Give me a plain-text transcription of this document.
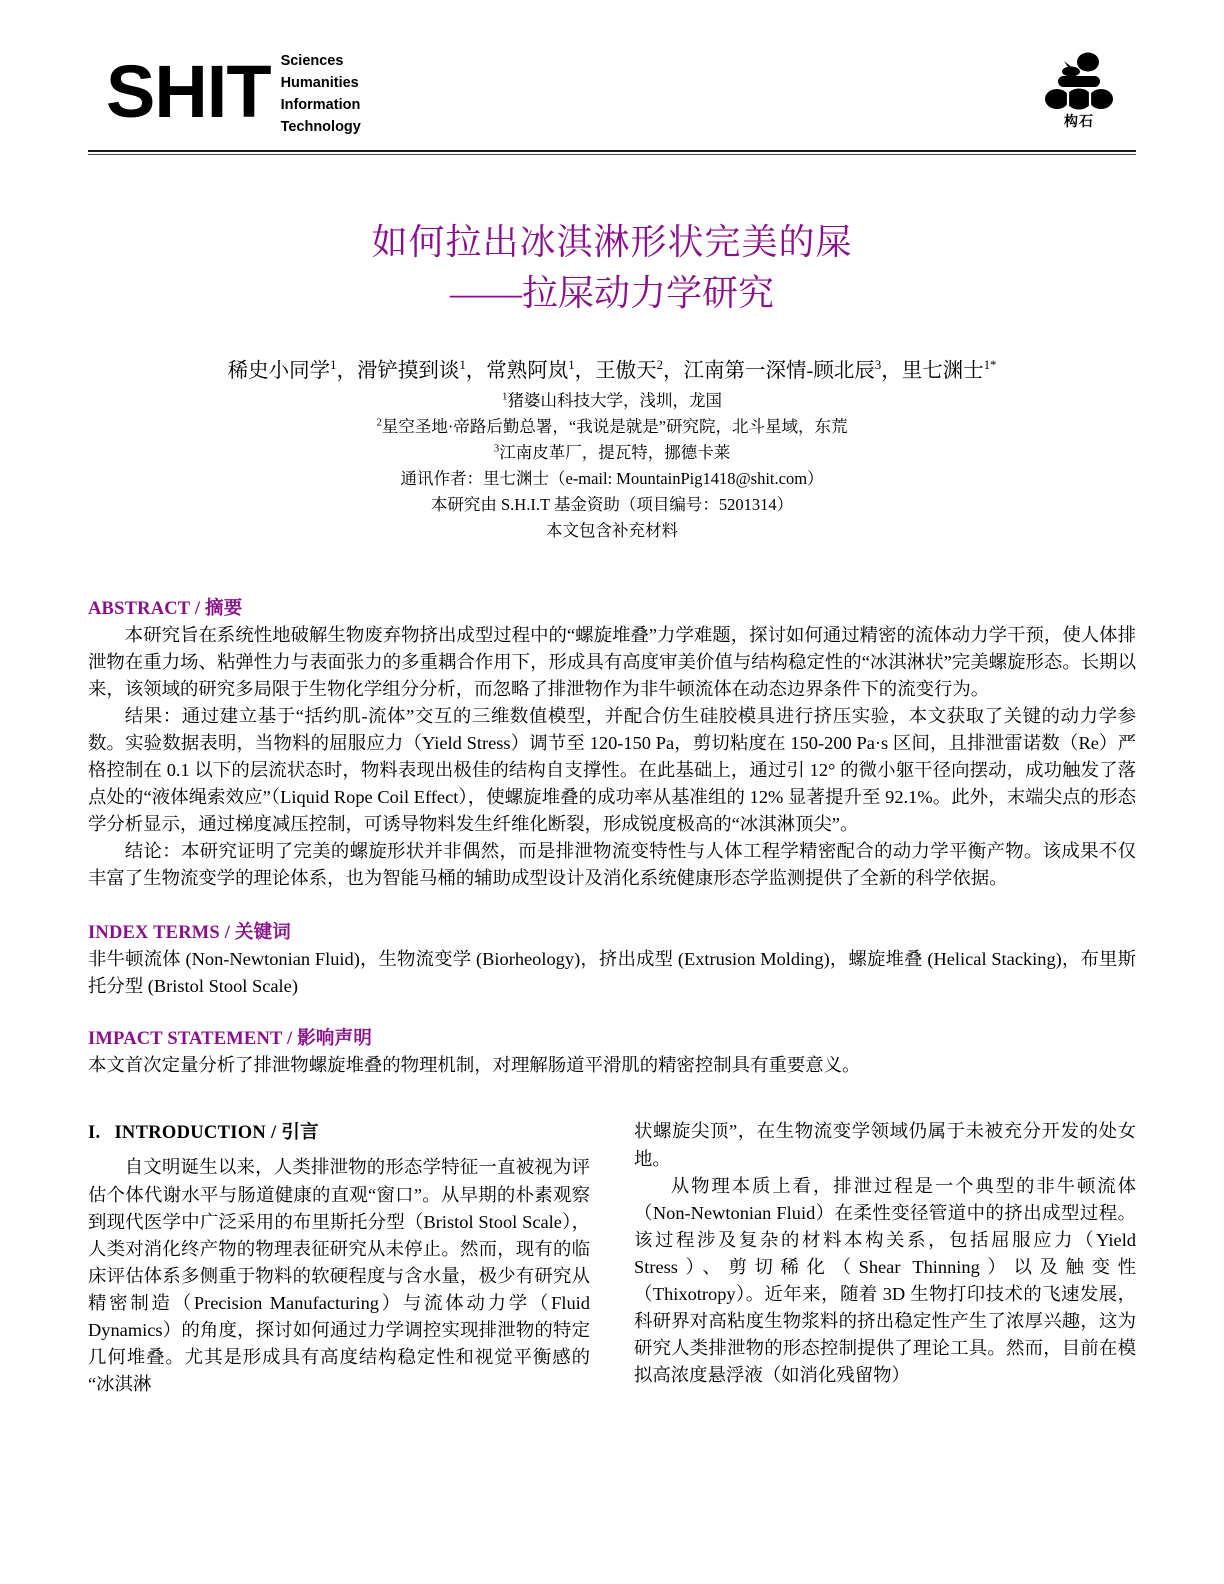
SHIT Sciences
Humanities
Information
Technology	构石
如何拉出冰淇淋形状完美的屎
——拉屎动力学研究
稀史小同学$^1$，滑铲摸到谈$^1$，常熟阿岚$^1$，王傲天$^2$，江南第一深情-顾北辰$^3$，里七渊士$^{1*}$
$^1$猪婆山科技大学，浅圳，龙国
$^2$星空圣地·帝路后勤总署，“我说是就是”研究院，北斗星域，东荒
$^3$江南皮革厂，提瓦特，挪德卡莱
通讯作者：里七渊士（e-mail: MountainPig1418@shit.com）
本研究由 S.H.I.T 基金资助（项目编号：5201314）
本文包含补充材料
ABSTRACT / 摘要

本研究旨在系统性地破解生物废弃物挤出成型过程中的“螺旋堆叠”力学难题，探讨如何通过精密的流体动力学干预，使人体排泄物在重力场、粘弹性力与表面张力的多重耦合作用下，形成具有高度审美价值与结构稳定性的“冰淇淋状”完美螺旋形态。长期以来，该领域的研究多局限于生物化学组分分析，而忽略了排泄物作为非牛顿流体在动态边界条件下的流变行为。

结果：通过建立基于“括约肌-流体”交互的三维数值模型，并配合仿生硅胶模具进行挤压实验，本文获取了关键的动力学参数。实验数据表明，当物料的屈服应力（Yield Stress）调节至 120-150 Pa，剪切粘度在 150-200 Pa·s 区间，且排泄雷诺数（Re）严格控制在 0.1 以下的层流状态时，物料表现出极佳的结构自支撑性。在此基础上，通过引 12° 的微小躯干径向摆动，成功触发了落点处的“液体绳索效应”（Liquid Rope Coil Effect），使螺旋堆叠的成功率从基准组的 12% 显著提升至 92.1%。此外，末端尖点的形态学分析显示，通过梯度减压控制，可诱导物料发生纤维化断裂，形成锐度极高的“冰淇淋顶尖”。

结论：本研究证明了完美的螺旋形状并非偶然，而是排泄物流变特性与人体工程学精密配合的动力学平衡产物。该成果不仅丰富了生物流变学的理论体系，也为智能马桶的辅助成型设计及消化系统健康形态学监测提供了全新的科学依据。

INDEX TERMS / 关键词

非牛顿流体 (Non-Newtonian Fluid)，生物流变学 (Biorheology)，挤出成型 (Extrusion Molding)，螺旋堆叠 (Helical Stacking)，布里斯托分型 (Bristol Stool Scale)

IMPACT STATEMENT / 影响声明

本文首次定量分析了排泄物螺旋堆叠的物理机制，对理解肠道平滑肌的精密控制具有重要意义。

I. INTRODUCTION / 引言

自文明诞生以来，人类排泄物的形态学特征一直被视为评估个体代谢水平与肠道健康的直观“窗口”。从早期的朴素观察到现代医学中广泛采用的布里斯托分型（Bristol Stool Scale），人类对消化终产物的物理表征研究从未停止。然而，现有的临床评估体系多侧重于物料的软硬程度与含水量，极少有研究从精密制造（Precision Manufacturing）与流体动力学（Fluid Dynamics）的角度，探讨如何通过力学调控实现排泄物的特定几何堆叠。尤其是形成具有高度结构稳定性和视觉平衡感的“冰淇淋

状螺旋尖顶”，在生物流变学领域仍属于未被充分开发的处女地。

从物理本质上看，排泄过程是一个典型的非牛顿流体（Non-Newtonian Fluid）在柔性变径管道中的挤出成型过程。该过程涉及复杂的材料本构关系，包括屈服应力（Yield Stress）、剪切稀化（Shear Thinning）以及触变性（Thixotropy）。近年来，随着 3D 生物打印技术的飞速发展，科研界对高粘度生物浆料的挤出稳定性产生了浓厚兴趣，这为研究人类排泄物的形态控制提供了理论工具。然而，目前在模拟高浓度悬浮液（如消化残留物）
